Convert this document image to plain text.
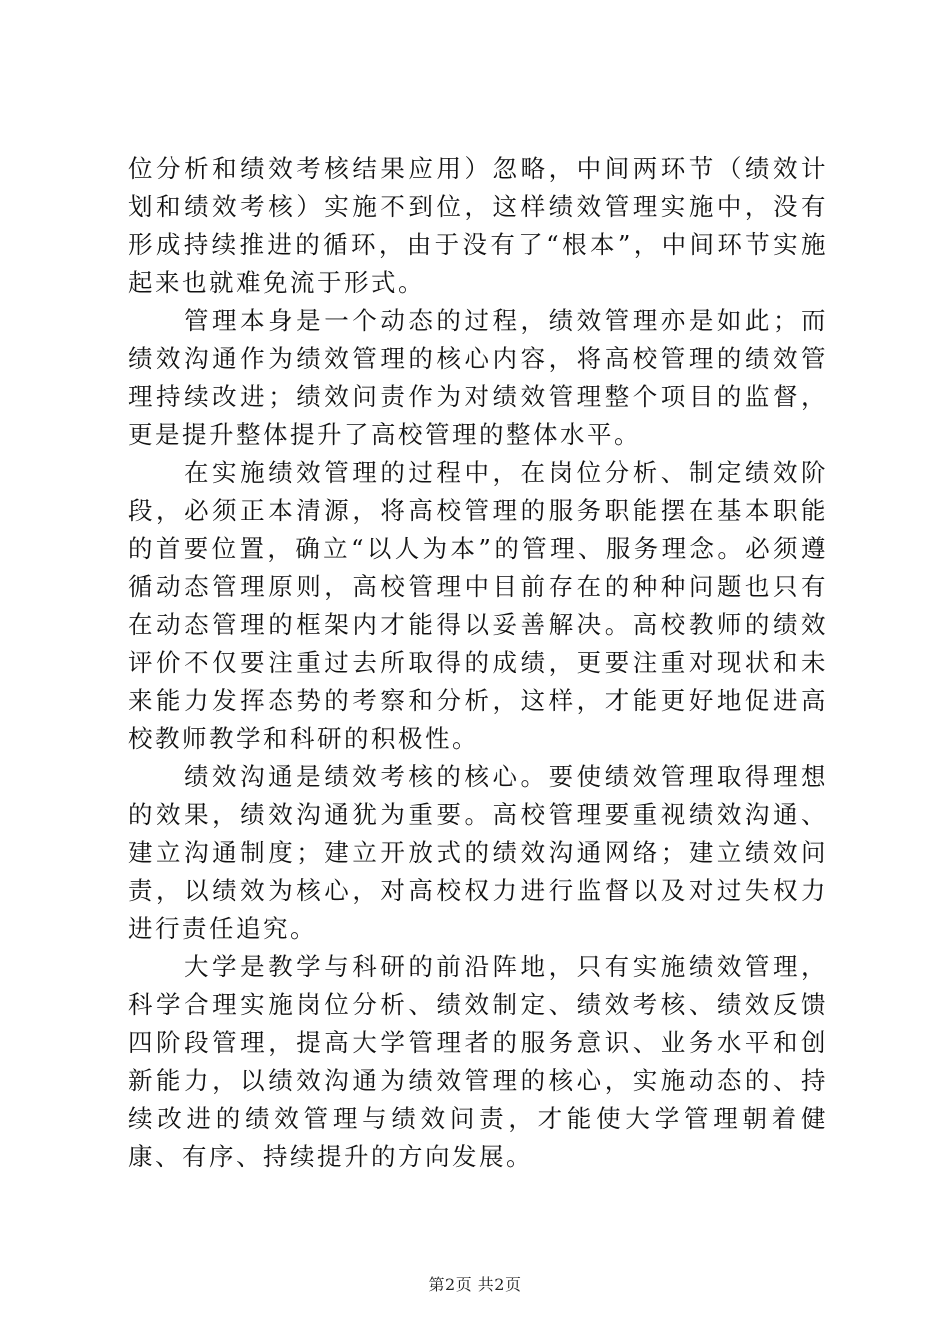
位分析和绩效考核结果应用）忽略，中间两环节（绩效计划和绩效考核）实施不到位，这样绩效管理实施中，没有形成持续推进的循环，由于没有了“根本”，中间环节实施起来也就难免流于形式。

管理本身是一个动态的过程，绩效管理亦是如此；而绩效沟通作为绩效管理的核心内容，将高校管理的绩效管理持续改进；绩效问责作为对绩效管理整个项目的监督，更是提升整体提升了高校管理的整体水平。

在实施绩效管理的过程中，在岗位分析、制定绩效阶段，必须正本清源，将高校管理的服务职能摆在基本职能的首要位置，确立“以人为本”的管理、服务理念。必须遵循动态管理原则，高校管理中目前存在的种种问题也只有在动态管理的框架内才能得以妥善解决。高校教师的绩效评价不仅要注重过去所取得的成绩，更要注重对现状和未来能力发挥态势的考察和分析，这样，才能更好地促进高校教师教学和科研的积极性。

绩效沟通是绩效考核的核心。要使绩效管理取得理想的效果，绩效沟通犹为重要。高校管理要重视绩效沟通、建立沟通制度；建立开放式的绩效沟通网络；建立绩效问责，以绩效为核心，对高校权力进行监督以及对过失权力进行责任追究。

大学是教学与科研的前沿阵地，只有实施绩效管理，科学合理实施岗位分析、绩效制定、绩效考核、绩效反馈四阶段管理，提高大学管理者的服务意识、业务水平和创新能力，以绩效沟通为绩效管理的核心，实施动态的、持续改进的绩效管理与绩效问责，才能使大学管理朝着健康、有序、持续提升的方向发展。

第2页 共2页
